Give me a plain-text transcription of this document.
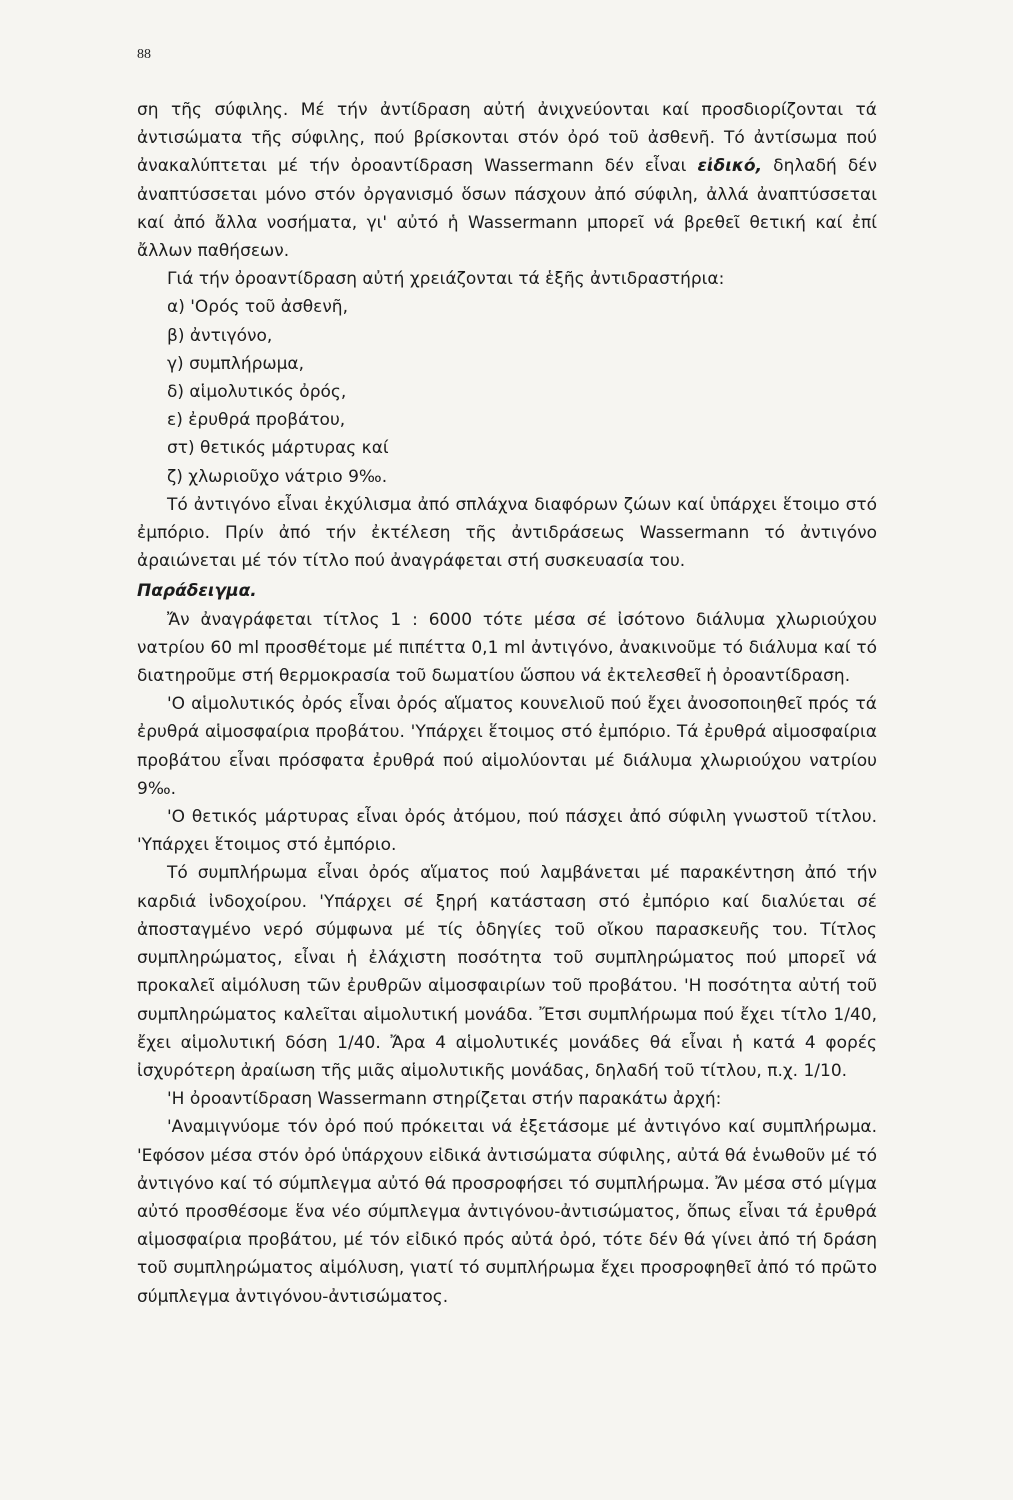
88

ση τῆς σύφιλης. Μέ τήν ἀντίδραση αὐτή ἀνιχνεύονται καί προσδιορίζονται τά ἀντισώματα τῆς σύφιλης, πού βρίσκονται στόν ὀρό τοῦ ἀσθενῆ. Τό ἀντίσωμα πού ἀνακαλύπτεται μέ τήν ὀροαντίδραση Wassermann δέν εἶναι εἰδικό, δηλαδή δέν ἀναπτύσσεται μόνο στόν ὀργανισμό ὅσων πάσχουν ἀπό σύφιλη, ἀλλά ἀναπτύσσεται καί ἀπό ἄλλα νοσήματα, γι' αὐτό ἡ Wassermann μπορεῖ νά βρεθεῖ θετική καί ἐπί ἄλλων παθήσεων.

Γιά τήν ὀροαντίδραση αὐτή χρειάζονται τά ἑξῆς ἀντιδραστήρια:

α) 'Ορός τοῦ ἀσθενῆ,

β) ἀντιγόνο,

γ) συμπλήρωμα,

δ) αἱμολυτικός ὀρός,

ε) ἐρυθρά προβάτου,

στ) θετικός μάρτυρας καί

ζ) χλωριοῦχο νάτριο 9‰.

Τό ἀντιγόνο εἶναι ἐκχύλισμα ἀπό σπλάχνα διαφόρων ζώων καί ὑπάρχει ἕτοιμο στό ἐμπόριο. Πρίν ἀπό τήν ἐκτέλεση τῆς ἀντιδράσεως Wassermann τό ἀντιγόνο ἀραιώνεται μέ τόν τίτλο πού ἀναγράφεται στή συσκευασία του.

Παράδειγμα.

Ἄν ἀναγράφεται τίτλος 1 : 6000 τότε μέσα σέ ἰσότονο διάλυμα χλωριούχου νατρίου 60 ml προσθέτομε μέ πιπέττα 0,1 ml ἀντιγόνο, ἀνακινοῦμε τό διάλυμα καί τό διατηροῦμε στή θερμοκρασία τοῦ δωματίου ὥσπου νά ἐκτελεσθεῖ ἡ ὀροαντίδραση.

'Ο αἱμολυτικός ὀρός εἶναι ὀρός αἵματος κουνελιοῦ πού ἔχει ἀνοσοποιηθεῖ πρός τά ἐρυθρά αἱμοσφαίρια προβάτου. 'Υπάρχει ἕτοιμος στό ἐμπόριο. Τά ἐρυθρά αἱμοσφαίρια προβάτου εἶναι πρόσφατα ἐρυθρά πού αἱμολύονται μέ διάλυμα χλωριούχου νατρίου 9‰.

'Ο θετικός μάρτυρας εἶναι ὀρός ἀτόμου, πού πάσχει ἀπό σύφιλη γνωστοῦ τίτλου. 'Υπάρχει ἕτοιμος στό ἐμπόριο.

Τό συμπλήρωμα εἶναι ὀρός αἵματος πού λαμβάνεται μέ παρακέντηση ἀπό τήν καρδιά ἰνδοχοίρου. 'Υπάρχει σέ ξηρή κατάσταση στό ἐμπόριο καί διαλύεται σέ ἀποσταγμένο νερό σύμφωνα μέ τίς ὁδηγίες τοῦ οἴκου παρασκευῆς του. Τίτλος συμπληρώματος, εἶναι ἡ ἐλάχιστη ποσότητα τοῦ συμπληρώματος πού μπορεῖ νά προκαλεῖ αἱμόλυση τῶν ἐρυθρῶν αἱμοσφαιρίων τοῦ προβάτου. 'Η ποσότητα αὐτή τοῦ συμπληρώματος καλεῖται αἱμολυτική μονάδα. Ἔτσι συμπλήρωμα πού ἔχει τίτλο 1/40, ἔχει αἱμολυτική δόση 1/40. Ἄρα 4 αἱμολυτικές μονάδες θά εἶναι ἡ κατά 4 φορές ἰσχυρότερη ἀραίωση τῆς μιᾶς αἱμολυτικῆς μονάδας, δηλαδή τοῦ τίτλου, π.χ. 1/10.

'Η ὀροαντίδραση Wassermann στηρίζεται στήν παρακάτω ἀρχή:

'Αναμιγνύομε τόν ὀρό πού πρόκειται νά ἐξετάσομε μέ ἀντιγόνο καί συμπλήρωμα. 'Εφόσον μέσα στόν ὀρό ὑπάρχουν εἰδικά ἀντισώματα σύφιλης, αὐτά θά ἑνωθοῦν μέ τό ἀντιγόνο καί τό σύμπλεγμα αὐτό θά προσροφήσει τό συμπλήρωμα. Ἄν μέσα στό μίγμα αὐτό προσθέσομε ἕνα νέο σύμπλεγμα ἀντιγόνου-ἀντισώματος, ὅπως εἶναι τά ἐρυθρά αἱμοσφαίρια προβάτου, μέ τόν εἰδικό πρός αὐτά ὀρό, τότε δέν θά γίνει ἀπό τή δράση τοῦ συμπληρώματος αἱμόλυση, γιατί τό συμπλήρωμα ἔχει προσροφηθεῖ ἀπό τό πρῶτο σύμπλεγμα ἀντιγόνου-ἀντισώματος.
